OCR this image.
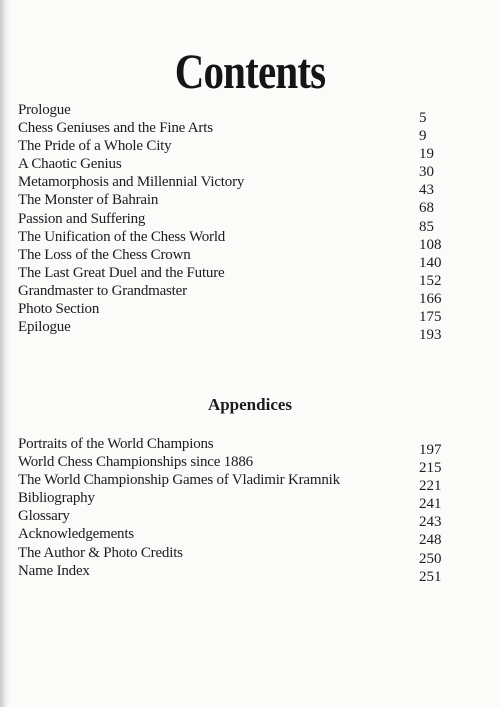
Contents
Prologue	5
Chess Geniuses and the Fine Arts	9
The Pride of a Whole City	19
A Chaotic Genius	30
Metamorphosis and Millennial Victory	43
The Monster of Bahrain	68
Passion and Suffering	85
The Unification of the Chess World	108
The Loss of the Chess Crown	140
The Last Great Duel and the Future	152
Grandmaster to Grandmaster	166
Photo Section	175
Epilogue	193
Appendices
Portraits of the World Champions	197
World Chess Championships since 1886	215
The World Championship Games of Vladimir Kramnik	221
Bibliography	241
Glossary	243
Acknowledgements	248
The Author & Photo Credits	250
Name Index	251
